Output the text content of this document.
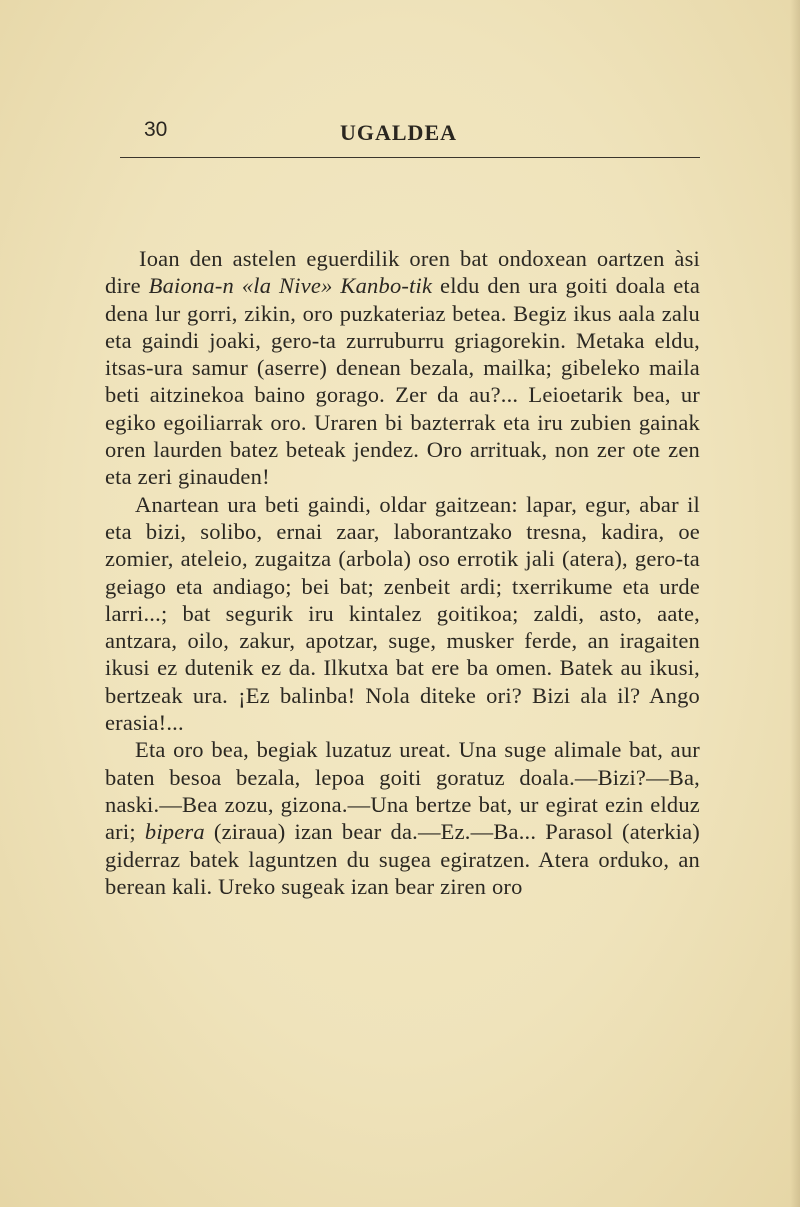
30	UGALDEA

Ioan den astelen eguerdilik oren bat ondoxean oartzen àsi dire Baiona-n «la Nive» Kanbo-tik eldu den ura goiti doala eta dena lur gorri, zikin, oro puzkateriaz betea. Begiz ikus aala zalu eta gaindi joaki, gero-ta zurruburru griagorekin. Metaka eldu, itsas-ura samur (aserre) denean bezala, mailka; gibeleko maila beti aitzinekoa baino gorago. Zer da au?... Leioetarik bea, ur egiko egoiliarrak oro. Uraren bi bazterrak eta iru zubien gainak oren laurden batez beteak jendez. Oro arrituak, non zer ote zen eta zeri ginauden!

Anartean ura beti gaindi, oldar gaitzean: lapar, egur, abar il eta bizi, solibo, ernai zaar, laborantzako tresna, kadira, oe zomier, ateleio, zugaitza (arbola) oso errotik jali (atera), gero-ta geiago eta andiago; bei bat; zenbeit ardi; txerrikume eta urde larri...; bat segurik iru kintalez goitikoa; zaldi, asto, aate, antzara, oilo, zakur, apotzar, suge, musker ferde, an iragaiten ikusi ez dutenik ez da. Ilkutxa bat ere ba omen. Batek au ikusi, bertzeak ura. ¡Ez balinba! Nola diteke ori? Bizi ala il? Ango erasia!...

Eta oro bea, begiak luzatuz ureat. Una suge alimale bat, aur baten besoa bezala, lepoa goiti goratuz doala.—Bizi?—Ba, naski.—Bea zozu, gizona.—Una bertze bat, ur egirat ezin elduz ari; bipera (ziraua) izan bear da.—Ez.—Ba... Parasol (aterkia) giderraz batek laguntzen du sugea egiratzen. Atera orduko, an berean kali. Ureko sugeak izan bear ziren oro
